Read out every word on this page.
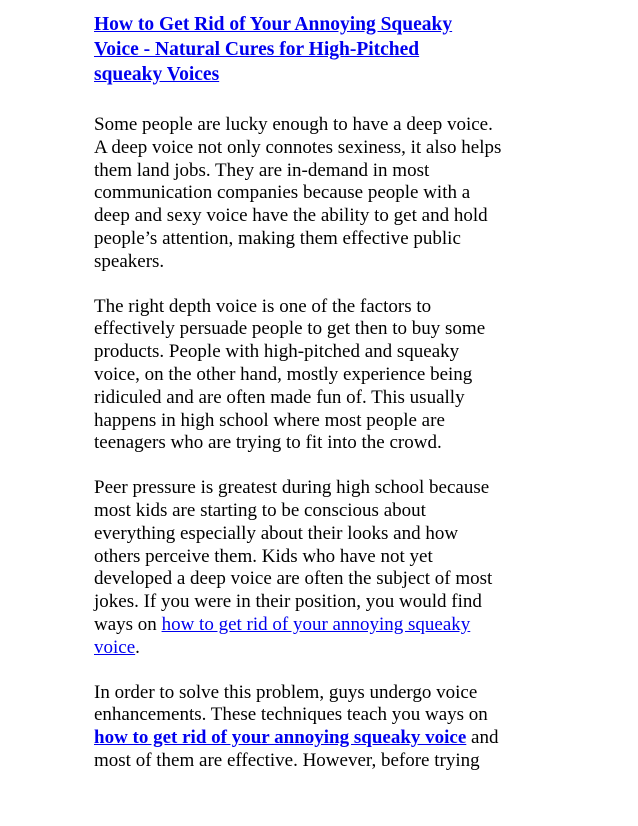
How to Get Rid of Your Annoying Squeaky
Voice - Natural Cures for High-Pitched
squeaky Voices

Some people are lucky enough to have a deep voice.
A deep voice not only connotes sexiness, it also helps
them land jobs. They are in-demand in most
communication companies because people with a
deep and sexy voice have the ability to get and hold
people’s attention, making them effective public
speakers.

The right depth voice is one of the factors to
effectively persuade people to get then to buy some
products. People with high-pitched and squeaky
voice, on the other hand, mostly experience being
ridiculed and are often made fun of. This usually
happens in high school where most people are
teenagers who are trying to fit into the crowd.

Peer pressure is greatest during high school because
most kids are starting to be conscious about
everything especially about their looks and how
others perceive them. Kids who have not yet
developed a deep voice are often the subject of most
jokes. If you were in their position, you would find
ways on how to get rid of your annoying squeaky
voice.

In order to solve this problem, guys undergo voice
enhancements. These techniques teach you ways on
how to get rid of your annoying squeaky voice and
most of them are effective. However, before trying
